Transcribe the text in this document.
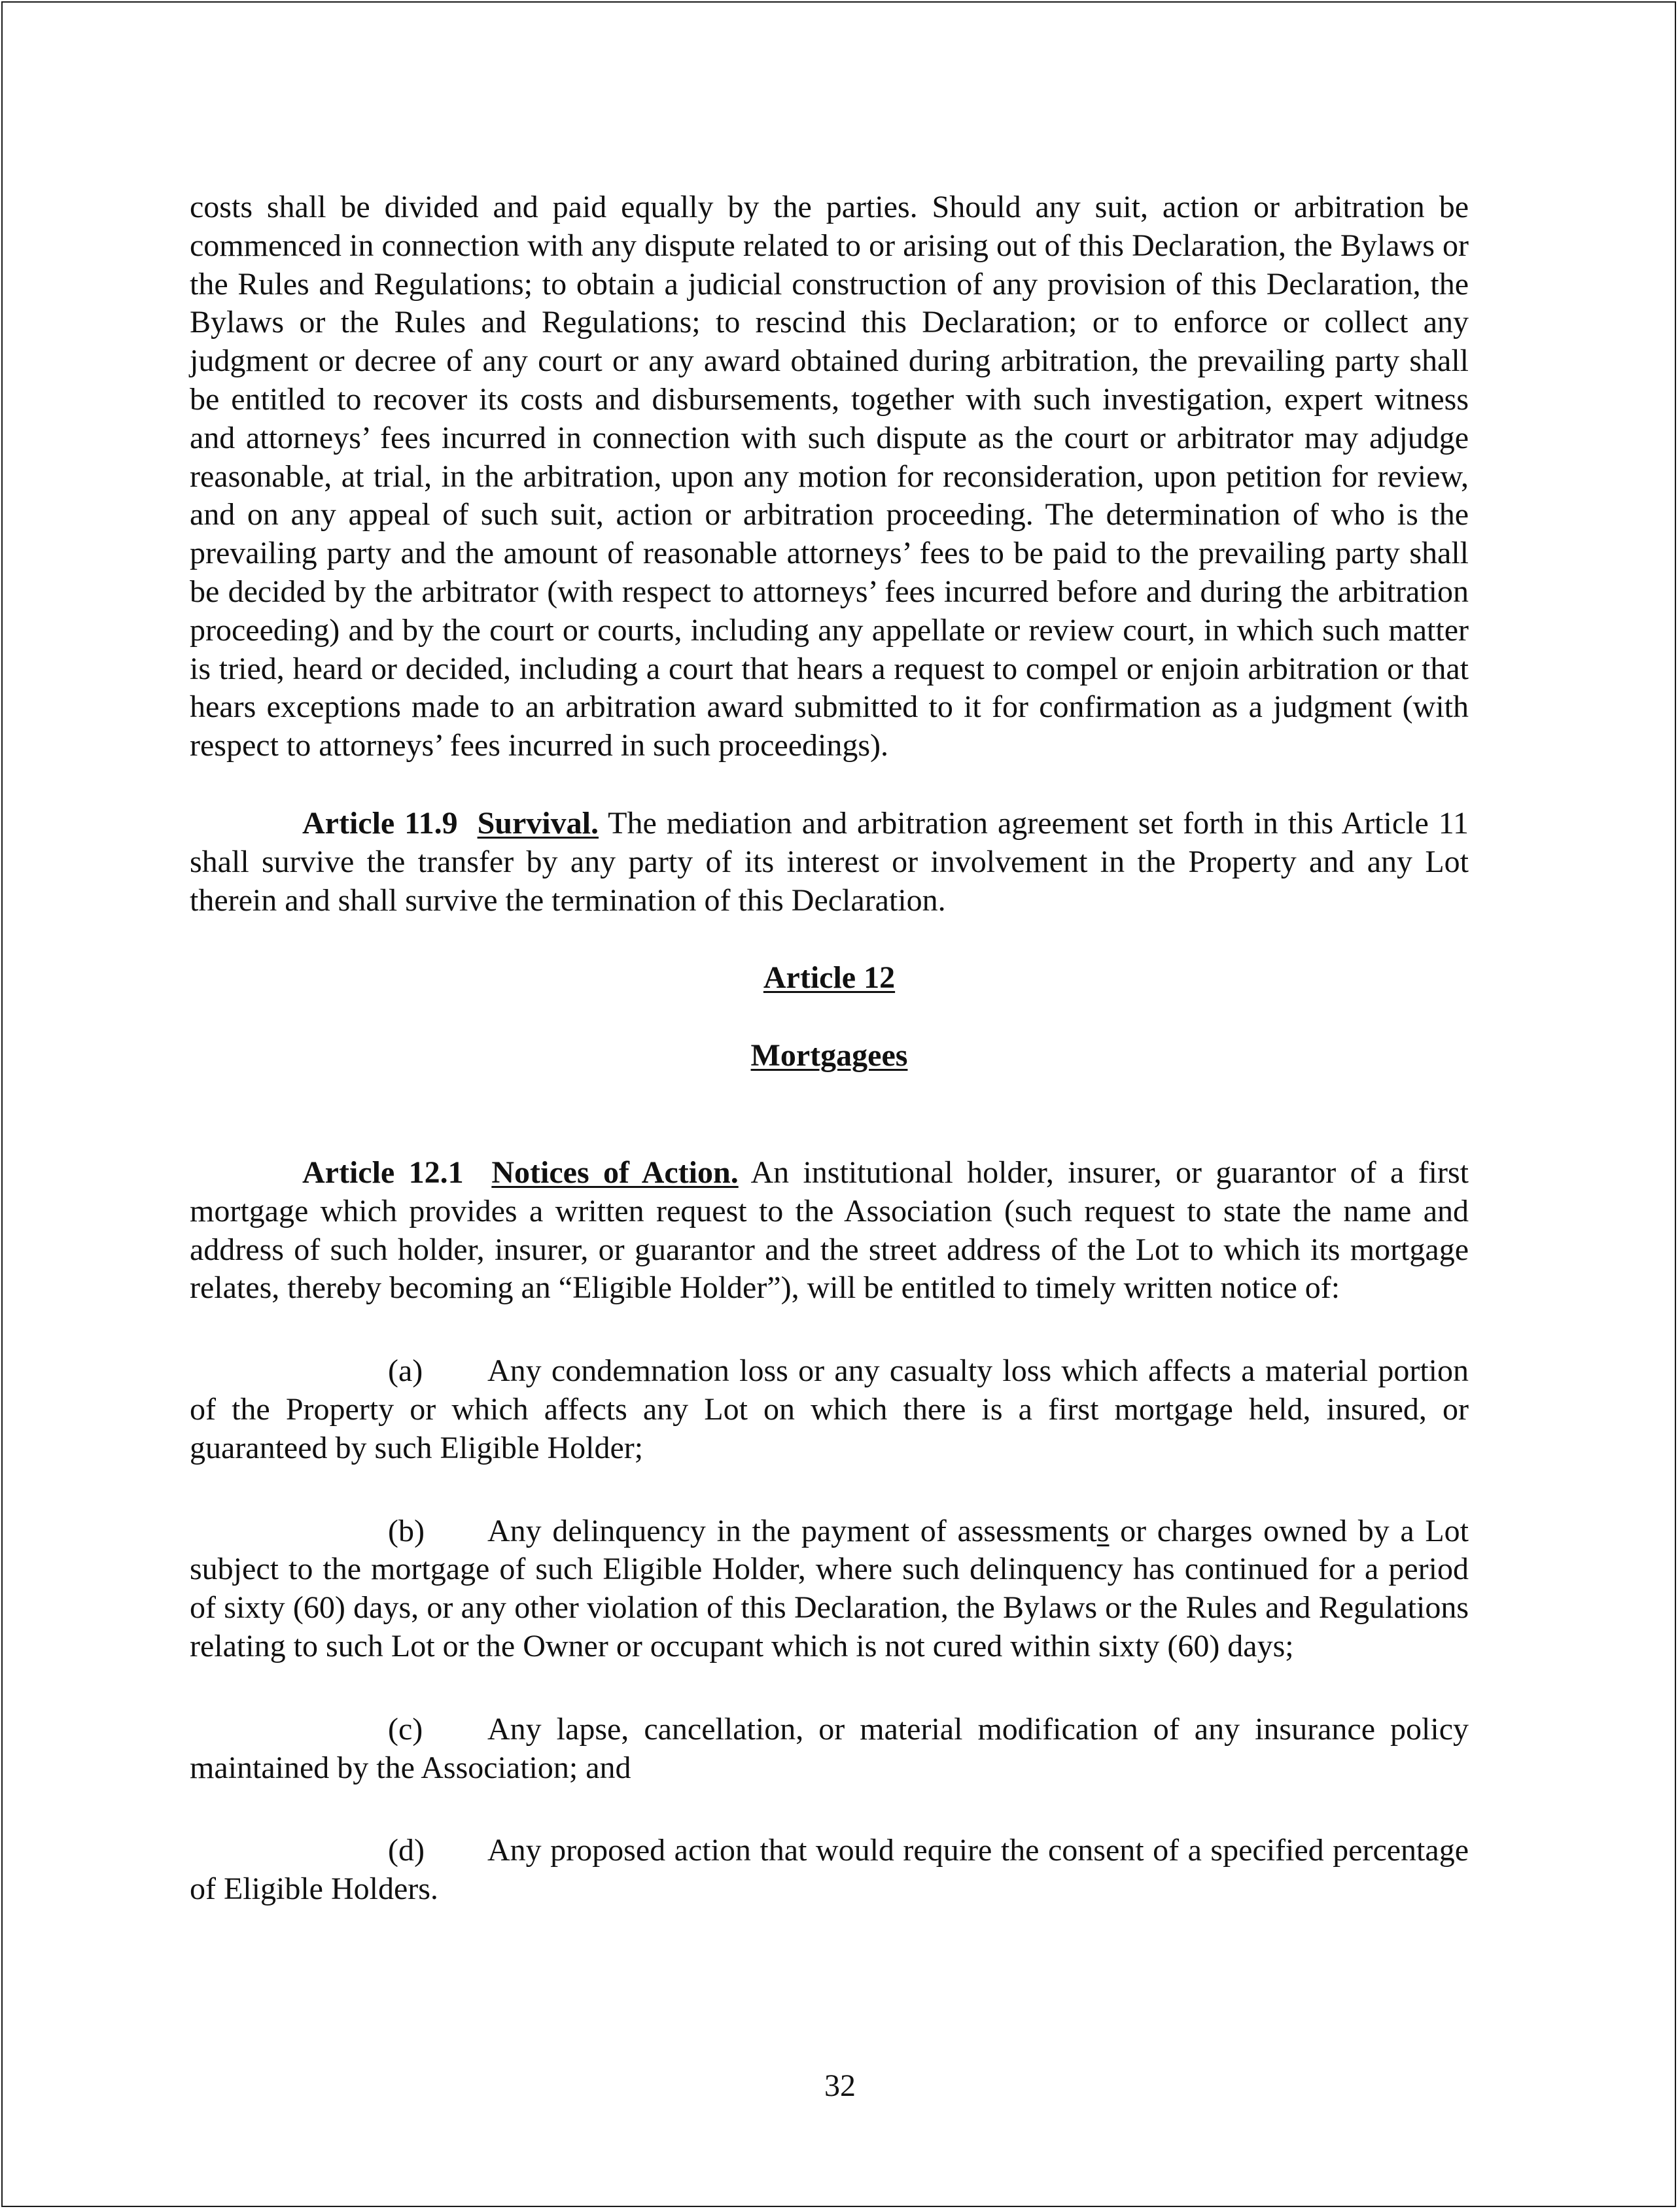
costs shall be divided and paid equally by the parties. Should any suit, action or arbitration be commenced in connection with any dispute related to or arising out of this Declaration, the Bylaws or the Rules and Regulations; to obtain a judicial construction of any provision of this Declaration, the Bylaws or the Rules and Regulations; to rescind this Declaration; or to enforce or collect any judgment or decree of any court or any award obtained during arbitration, the prevailing party shall be entitled to recover its costs and disbursements, together with such investigation, expert witness and attorneys’ fees incurred in connection with such dispute as the court or arbitrator may adjudge reasonable, at trial, in the arbitration, upon any motion for reconsideration, upon petition for review, and on any appeal of such suit, action or arbitration proceeding. The determination of who is the prevailing party and the amount of reasonable attorneys’ fees to be paid to the prevailing party shall be decided by the arbitrator (with respect to attorneys’ fees incurred before and during the arbitration proceeding) and by the court or courts, including any appellate or review court, in which such matter is tried, heard or decided, including a court that hears a request to compel or enjoin arbitration or that hears exceptions made to an arbitration award submitted to it for confirmation as a judgment (with respect to attorneys’ fees incurred in such proceedings).

Article 11.9 Survival. The mediation and arbitration agreement set forth in this Article 11 shall survive the transfer by any party of its interest or involvement in the Property and any Lot therein and shall survive the termination of this Declaration.

Article 12

Mortgagees

Article 12.1 Notices of Action. An institutional holder, insurer, or guarantor of a first mortgage which provides a written request to the Association (such request to state the name and address of such holder, insurer, or guarantor and the street address of the Lot to which its mortgage relates, thereby becoming an “Eligible Holder”), will be entitled to timely written notice of:

(a) Any condemnation loss or any casualty loss which affects a material portion of the Property or which affects any Lot on which there is a first mortgage held, insured, or guaranteed by such Eligible Holder;

(b) Any delinquency in the payment of assessments or charges owned by a Lot subject to the mortgage of such Eligible Holder, where such delinquency has continued for a period of sixty (60) days, or any other violation of this Declaration, the Bylaws or the Rules and Regulations relating to such Lot or the Owner or occupant which is not cured within sixty (60) days;

(c) Any lapse, cancellation, or material modification of any insurance policy maintained by the Association; and

(d) Any proposed action that would require the consent of a specified percentage of Eligible Holders.

32
